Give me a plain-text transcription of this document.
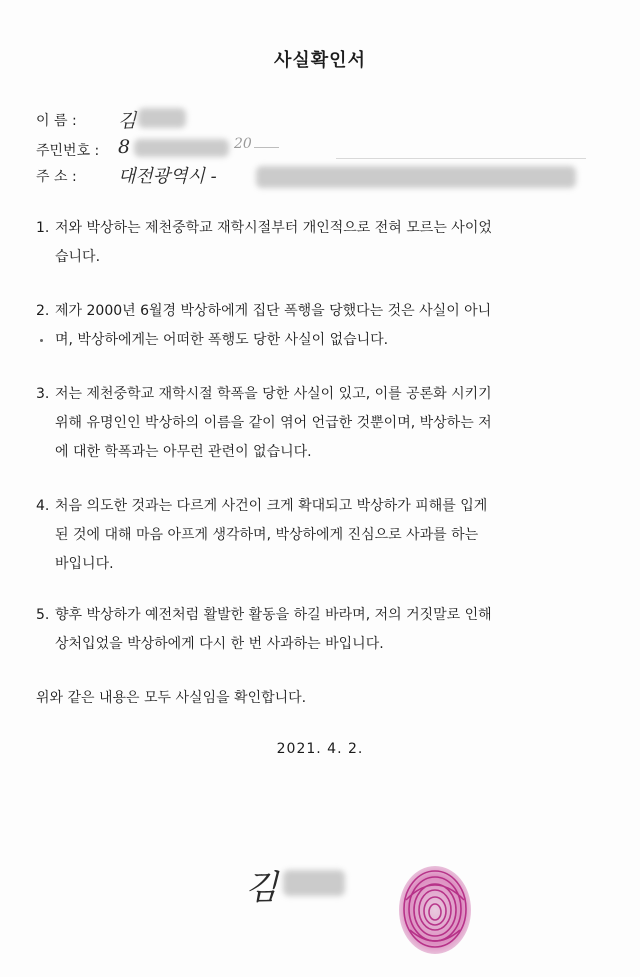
사실확인서
이 름 :	김
주민번호 : 8	20
주 소 :	대전광역시 -
1. 저와 박상하는 제천중학교 재학시절부터 개인적으로 전혀 모르는 사이었
습니다.
2. 제가 2000년 6월경 박상하에게 집단 폭행을 당했다는 것은 사실이 아니
며, 박상하에게는 어떠한 폭행도 당한 사실이 없습니다.
3. 저는 제천중학교 재학시절 학폭을 당한 사실이 있고, 이를 공론화 시키기
위해 유명인인 박상하의 이름을 같이 엮어 언급한 것뿐이며, 박상하는 저
에 대한 학폭과는 아무런 관련이 없습니다.
4. 처음 의도한 것과는 다르게 사건이 크게 확대되고 박상하가 피해를 입게
된 것에 대해 마음 아프게 생각하며, 박상하에게 진심으로 사과를 하는
바입니다.
5. 향후 박상하가 예전처럼 활발한 활동을 하길 바라며, 저의 거짓말로 인해
상처입었을 박상하에게 다시 한 번 사과하는 바입니다.
위와 같은 내용은 모두 사실임을 확인합니다.
2021. 4. 2.
김
